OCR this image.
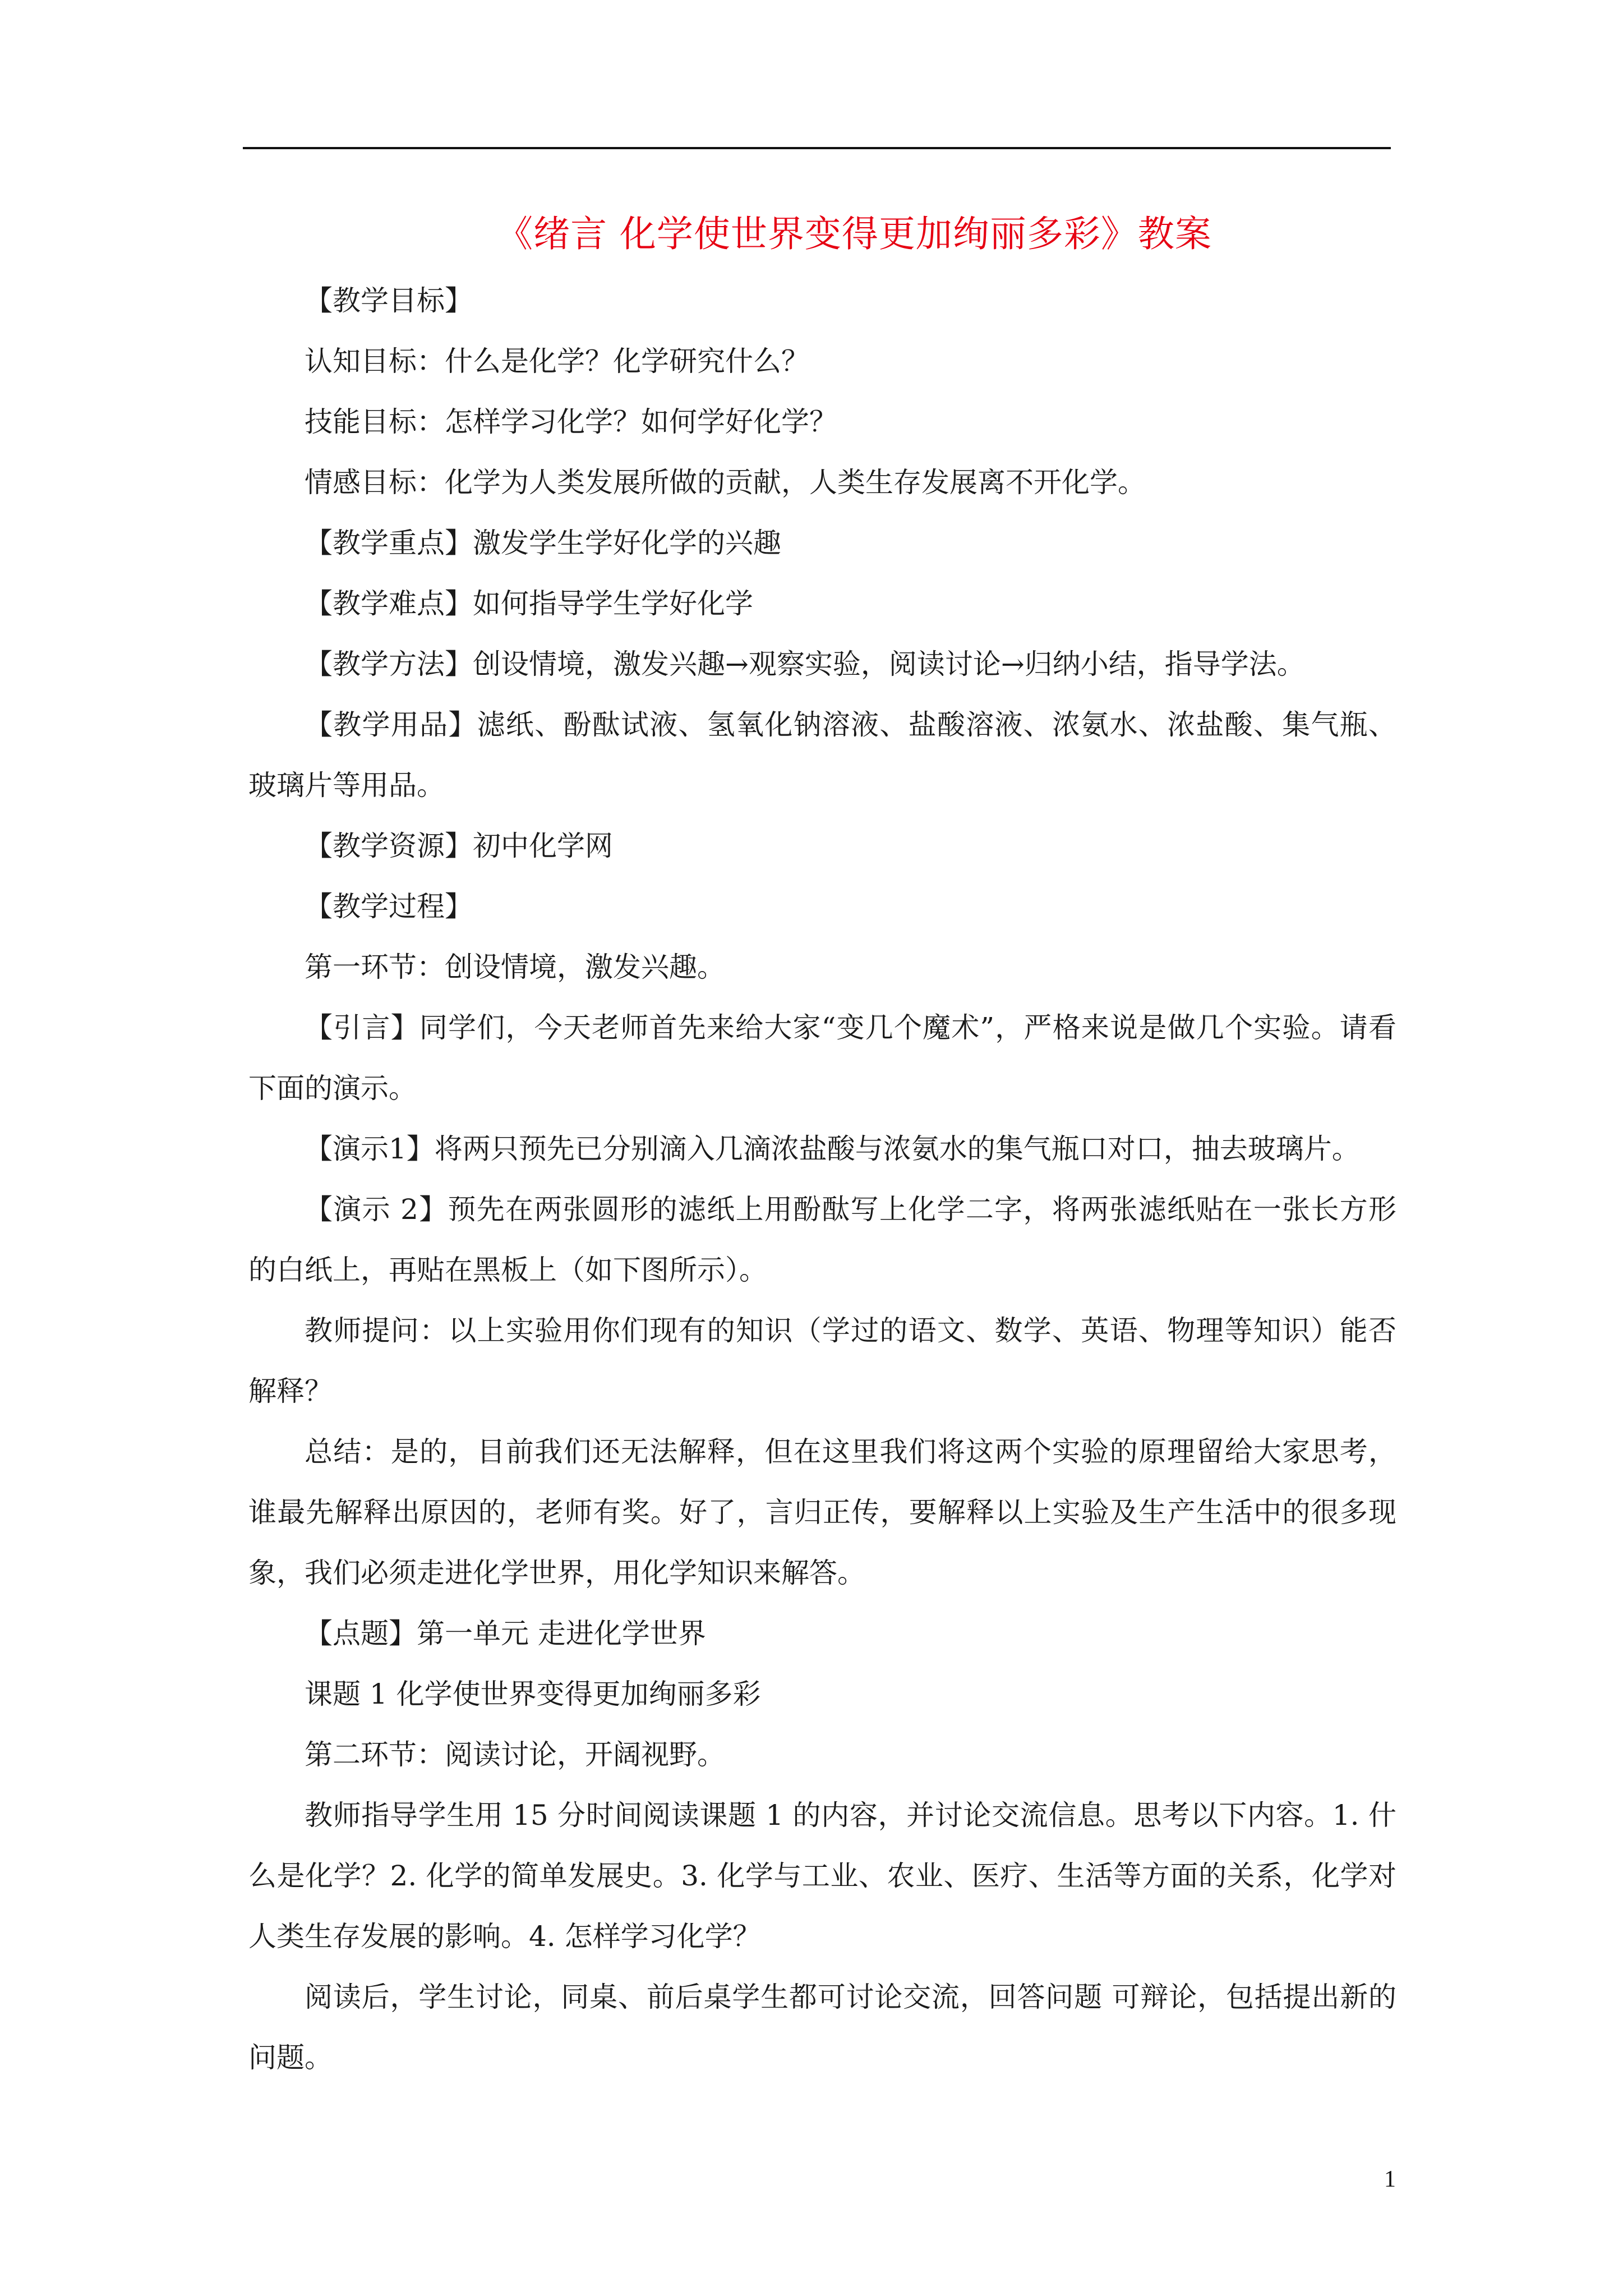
《绪言 化学使世界变得更加绚丽多彩》教案

【教学目标】

认知目标：什么是化学？化学研究什么？

技能目标：怎样学习化学？如何学好化学？

情感目标：化学为人类发展所做的贡献，人类生存发展离不开化学。

【教学重点】激发学生学好化学的兴趣

【教学难点】如何指导学生学好化学

【教学方法】创设情境，激发兴趣→观察实验，阅读讨论→归纳小结，指导学法。

【教学用品】滤纸、酚酞试液、氢氧化钠溶液、盐酸溶液、浓氨水、浓盐酸、集气瓶、玻璃片等用品。

【教学资源】初中化学网

【教学过程】

第一环节：创设情境，激发兴趣。

【引言】同学们，今天老师首先来给大家“变几个魔术”，严格来说是做几个实验。请看下面的演示。

【演示1】将两只预先已分别滴入几滴浓盐酸与浓氨水的集气瓶口对口，抽去玻璃片。

【演示 2】预先在两张圆形的滤纸上用酚酞写上化学二字，将两张滤纸贴在一张长方形的白纸上，再贴在黑板上（如下图所示）。

教师提问：以上实验用你们现有的知识（学过的语文、数学、英语、物理等知识）能否解释？

总结：是的，目前我们还无法解释，但在这里我们将这两个实验的原理留给大家思考，谁最先解释出原因的，老师有奖。好了，言归正传，要解释以上实验及生产生活中的很多现象，我们必须走进化学世界，用化学知识来解答。

【点题】第一单元 走进化学世界

课题 1 化学使世界变得更加绚丽多彩

第二环节：阅读讨论，开阔视野。

教师指导学生用 15 分时间阅读课题 1 的内容，并讨论交流信息。思考以下内容。1. 什么是化学？2. 化学的简单发展史。3. 化学与工业、农业、医疗、生活等方面的关系，化学对人类生存发展的影响。4. 怎样学习化学？

阅读后，学生讨论，同桌、前后桌学生都可讨论交流，回答问题 可辩论，包括提出新的问题。

1
